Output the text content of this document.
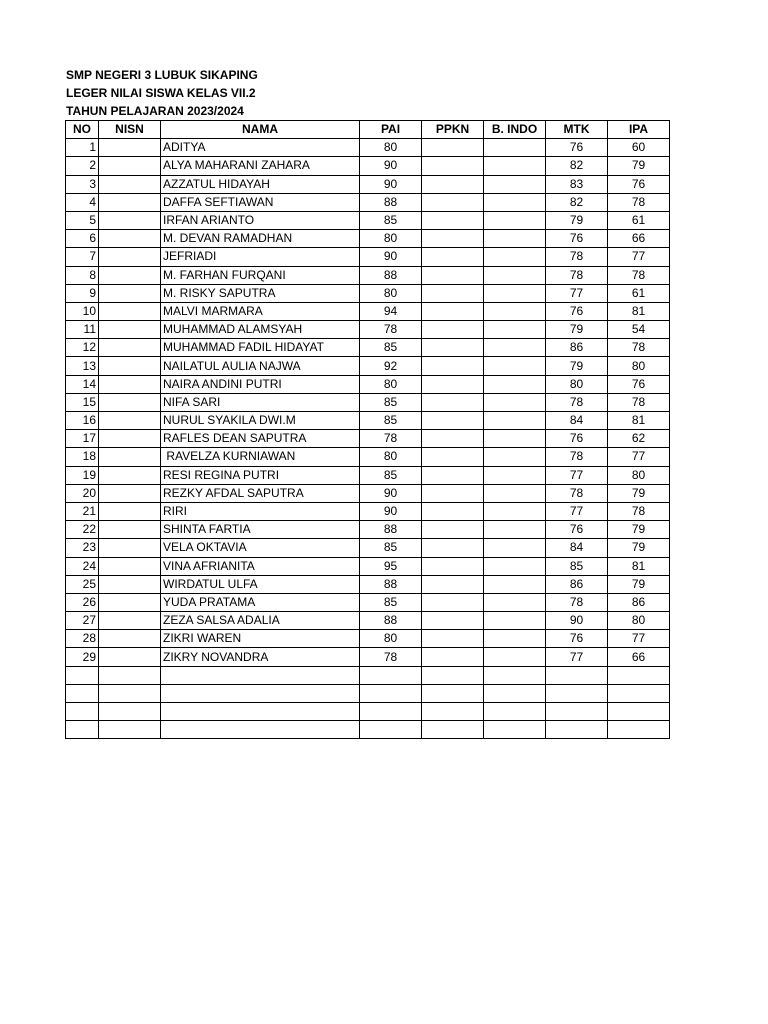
SMP NEGERI 3 LUBUK SIKAPING
LEGER NILAI SISWA KELAS VII.2
TAHUN PELAJARAN 2023/2024
NO	NISN	NAMA	PAI	PPKN	B. INDO	MTK	IPA
1		ADITYA	80			76	60
2		ALYA MAHARANI ZAHARA	90			82	79
3		AZZATUL HIDAYAH	90			83	76
4		DAFFA SEFTIAWAN	88			82	78
5		IRFAN ARIANTO	85			79	61
6		M. DEVAN RAMADHAN	80			76	66
7		JEFRIADI	90			78	77
8		M. FARHAN FURQANI	88			78	78
9		M. RISKY SAPUTRA	80			77	61
10		MALVI MARMARA	94			76	81
11		MUHAMMAD ALAMSYAH	78			79	54
12		MUHAMMAD FADIL HIDAYAT	85			86	78
13		NAILATUL AULIA NAJWA	92			79	80
14		NAIRA ANDINI PUTRI	80			80	76
15		NIFA SARI	85			78	78
16		NURUL SYAKILA DWI.M	85			84	81
17		RAFLES DEAN SAPUTRA	78			76	62
18		RAVELZA KURNIAWAN	80			78	77
19		RESI REGINA PUTRI	85			77	80
20		REZKY AFDAL SAPUTRA	90			78	79
21		RIRI	90			77	78
22		SHINTA FARTIA	88			76	79
23		VELA OKTAVIA	85			84	79
24		VINA AFRIANITA	95			85	81
25		WIRDATUL ULFA	88			86	79
26		YUDA PRATAMA	85			78	86
27		ZEZA SALSA ADALIA	88			90	80
28		ZIKRI WAREN	80			76	77
29		ZIKRY NOVANDRA	78			77	66
